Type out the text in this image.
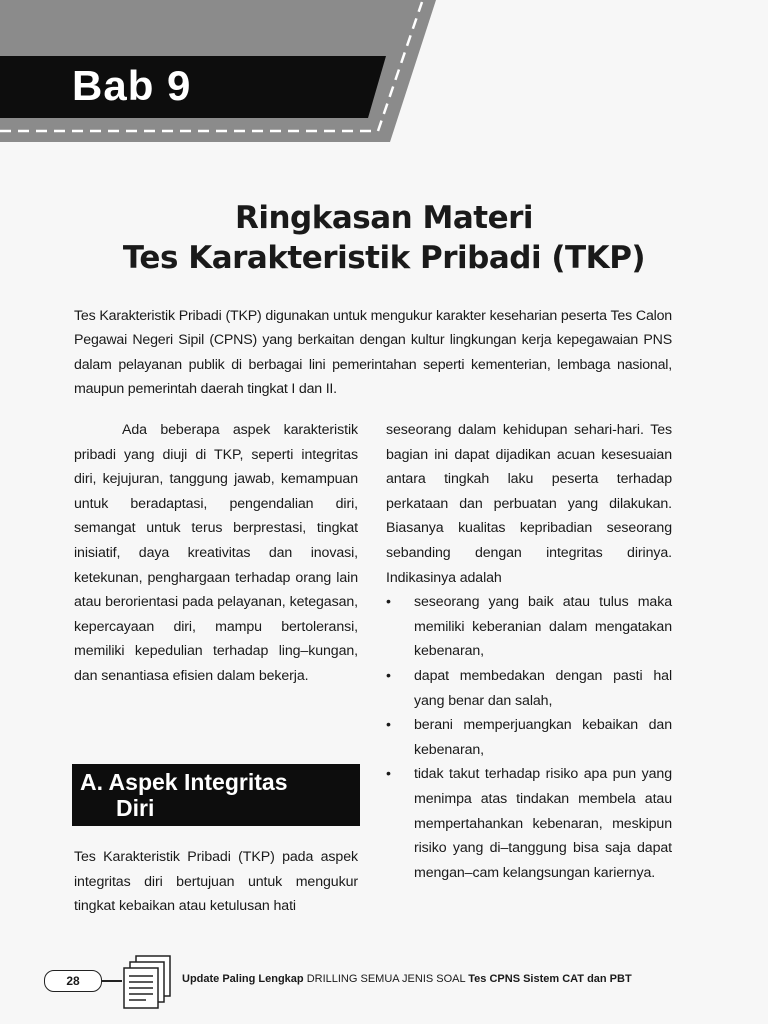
Bab 9
Ringkasan Materi
Tes Karakteristik Pribadi (TKP)
Tes Karakteristik Pribadi (TKP) digunakan untuk mengukur karakter keseharian peserta Tes Calon Pegawai Negeri Sipil (CPNS) yang berkaitan dengan kultur lingkungan kerja kepegawaian PNS dalam pelayanan publik di berbagai lini pemerintahan seperti kementerian, lembaga nasional, maupun pemerintah daerah tingkat I dan II.

Ada beberapa aspek karakteristik pribadi yang diuji di TKP, seperti integritas diri, kejujuran, tanggung jawab, kemampuan untuk beradaptasi, pengendalian diri, semangat untuk terus berprestasi, tingkat inisiatif, daya kreativitas dan inovasi, ketekunan, penghargaan terhadap orang lain atau berorientasi pada pelayanan, ketegasan, kepercayaan diri, mampu bertoleransi, memiliki kepedulian terhadap ling–kungan, dan senantiasa efisien dalam bekerja.

A. Aspek Integritas
Diri

Tes Karakteristik Pribadi (TKP) pada aspek integritas diri bertujuan untuk mengukur tingkat kebaikan atau ketulusan hati

seseorang dalam kehidupan sehari-hari. Tes bagian ini dapat dijadikan acuan kesesuaian antara tingkah laku peserta terhadap perkataan dan perbuatan yang dilakukan. Biasanya kualitas kepribadian seseorang sebanding dengan integritas dirinya. Indikasinya adalah

• seseorang yang baik atau tulus maka memiliki keberanian dalam mengatakan kebenaran,
• dapat membedakan dengan pasti hal yang benar dan salah,
• berani memperjuangkan kebaikan dan kebenaran,
• tidak takut terhadap risiko apa pun yang menimpa atas tindakan membela atau mempertahankan kebenaran, meskipun risiko yang di–tanggung bisa saja dapat mengan–cam kelangsungan kariernya.
28	Update Paling Lengkap DRILLING SEMUA JENIS SOAL Tes CPNS Sistem CAT dan PBT
